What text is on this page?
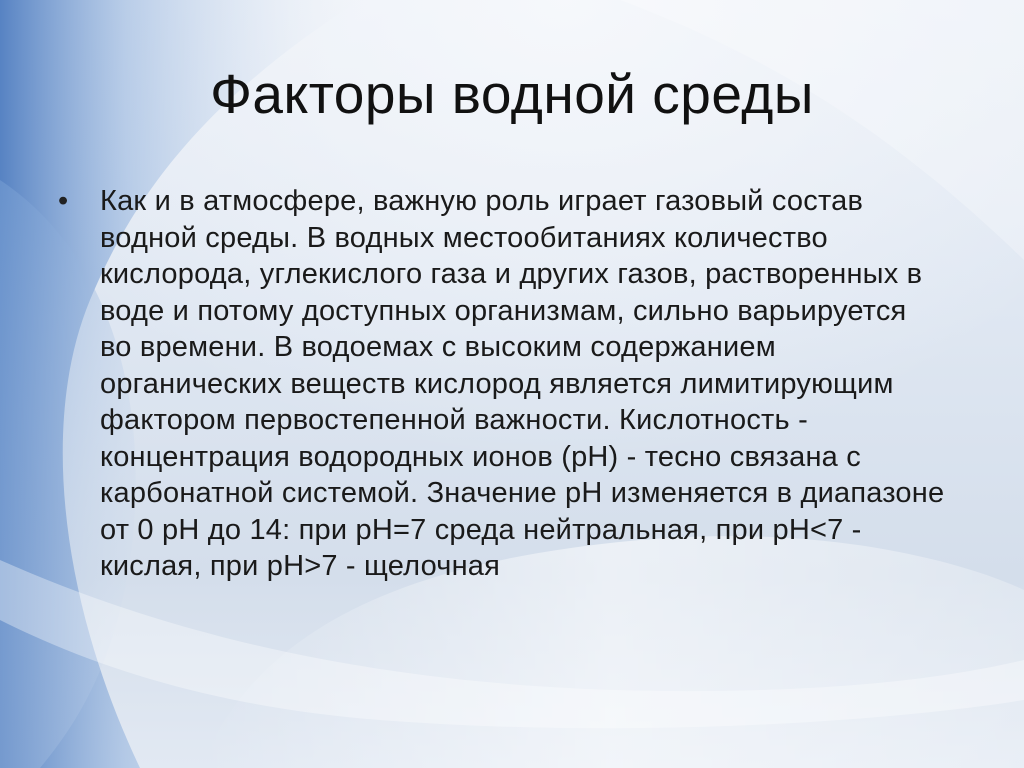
Факторы водной среды
•	Как и в атмосфере, важную роль играет газовый состав водной среды. В водных местообитаниях количество кислорода, углекислого газа и других газов, растворенных в воде и потому доступных организмам, сильно варьируется во времени. В водоемах с высоким содержанием органических веществ кислород является лимитирующим фактором первостепенной важности. Кислотность - концентрация водородных ионов (pH) - тесно связана с карбонатной системой. Значение pH изменяется в диапазоне от 0 pH до 14: при pH=7 среда нейтральная, при pH<7 - кислая, при pH>7 - щелочная
